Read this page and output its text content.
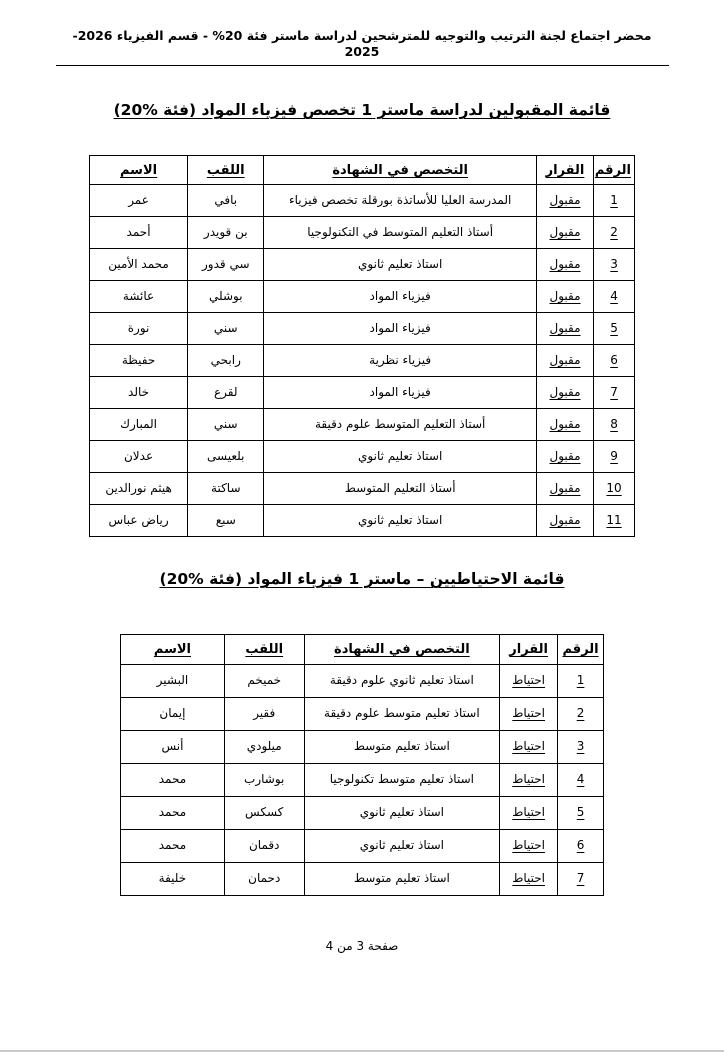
محضر اجتماع لجنة الترتيب والتوجيه للمترشحين لدراسة ماستر فئة 20% - قسم الفيزياء 2026-2025
قائمة المقبولين لدراسة ماستر 1 تخصص فيزياء المواد (فئة %20)
الرقم	القرار	التخصص في الشهادة	اللقب	الاسم
1	مقبول	المدرسة العليا للأساتذة بورقلة تخصص فيزياء	بافي	عمر
2	مقبول	أستاذ التعليم المتوسط في التكنولوجيا	بن قويدر	أحمد
3	مقبول	استاذ تعليم ثانوي	سي قدور	محمد الأمين
4	مقبول	فيزياء المواد	بوشلي	عائشة
5	مقبول	فيزياء المواد	سني	نورة
6	مقبول	فيزياء نظرية	رابحي	حفيظة
7	مقبول	فيزياء المواد	لقرع	خالد
8	مقبول	أستاذ التعليم المتوسط علوم دقيقة	سني	المبارك
9	مقبول	استاذ تعليم ثانوي	بلعيسى	عدلان
10	مقبول	أستاذ التعليم المتوسط	ساكتة	هيثم نورالدين
11	مقبول	استاذ تعليم ثانوي	سبع	رياض عباس
قائمة الاحتياطيين – ماستر 1 فيزياء المواد (فئة %20)
الرقم	القرار	التخصص في الشهادة	اللقب	الاسم
1	احتياط	استاذ تعليم ثانوي علوم دقيقة	خميخم	البشير
2	احتياط	استاذ تعليم متوسط علوم دقيقة	فقير	إيمان
3	احتياط	استاذ تعليم متوسط	ميلودي	أنس
4	احتياط	استاذ تعليم متوسط تكنولوجيا	بوشارب	محمد
5	احتياط	استاذ تعليم ثانوي	كسكس	محمد
6	احتياط	استاذ تعليم ثانوي	دقمان	محمد
7	احتياط	استاذ تعليم متوسط	دحمان	خليفة
صفحة 3 من 4
